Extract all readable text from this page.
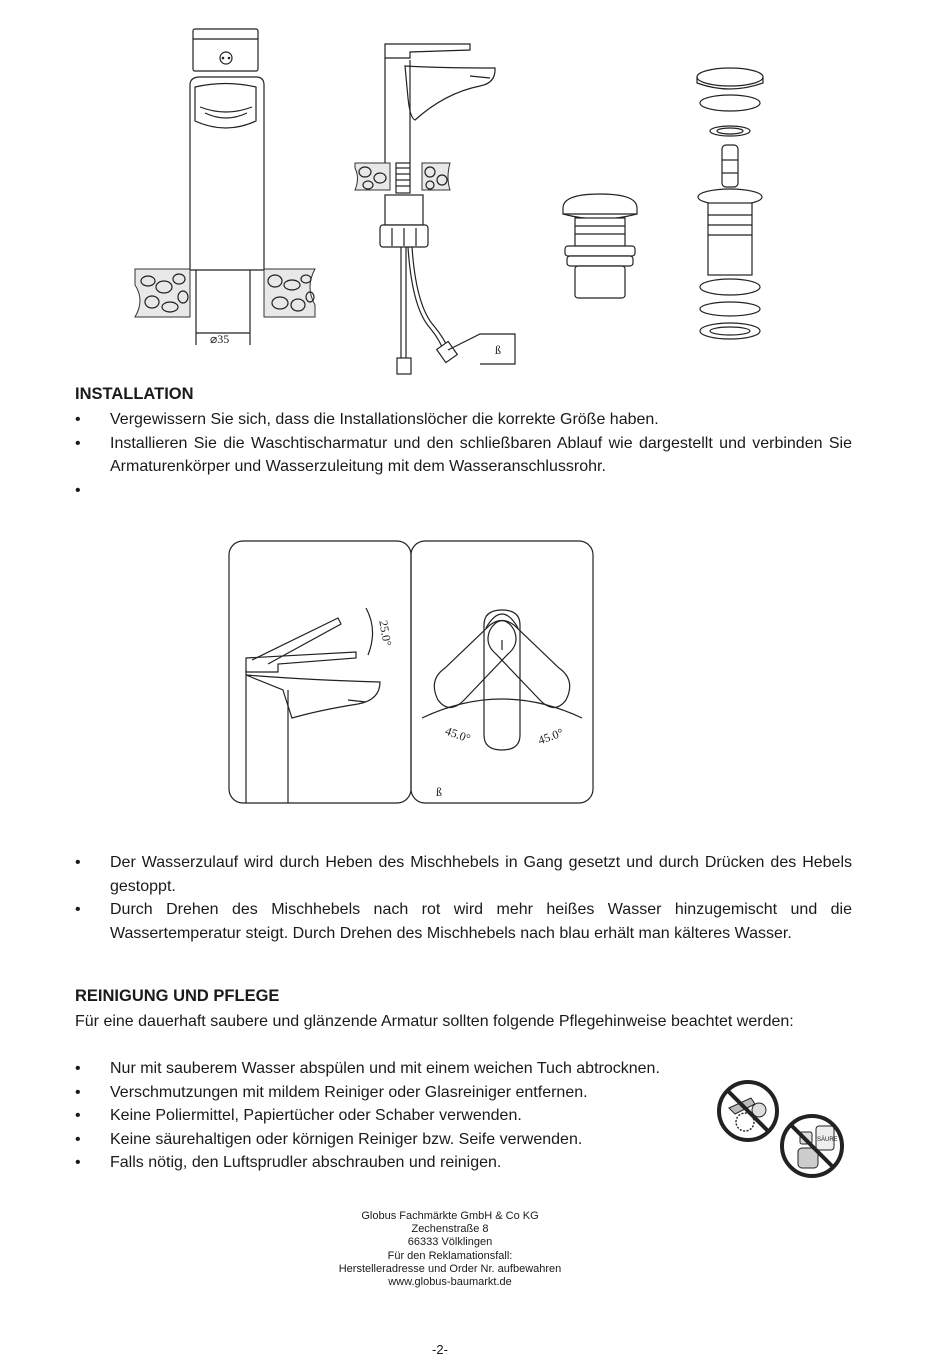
⌀35
ß
INSTALLATION
• Vergewissern Sie sich, dass die Installationslöcher die korrekte Größe haben.
• Installieren Sie die Waschtischarmatur und den schließbaren Ablauf wie dargestellt und verbinden Sie Armaturenkörper und Wasserzuleitung mit dem Wasseranschlussrohr.
•
25.0°
45.0°	45.0°
ß
• Der Wasserzulauf wird durch Heben des Mischhebels in Gang gesetzt und durch Drücken des Hebels gestoppt.
• Durch Drehen des Mischhebels nach rot wird mehr heißes Wasser hinzugemischt und die Wassertemperatur steigt. Durch Drehen des Mischhebels nach blau erhält man kälteres Wasser.
REINIGUNG UND PFLEGE
Für eine dauerhaft saubere und glänzende Armatur sollten folgende Pflegehinweise beachtet werden:
• Nur mit sauberem Wasser abspülen und mit einem weichen Tuch abtrocknen.
• Verschmutzungen mit mildem Reiniger oder Glasreiniger entfernen.
• Keine Poliermittel, Papiertücher oder Schaber verwenden.
• Keine säurehaltigen oder körnigen Reiniger bzw. Seife verwenden.
• Falls nötig, den Luftsprudler abschrauben und reinigen.
SÄURE
Globus Fachmärkte GmbH & Co KG
Zechenstraße 8
66333 Völklingen
Für den Reklamationsfall:
Herstelleradresse und Order Nr. aufbewahren
www.globus-baumarkt.de
-2-
